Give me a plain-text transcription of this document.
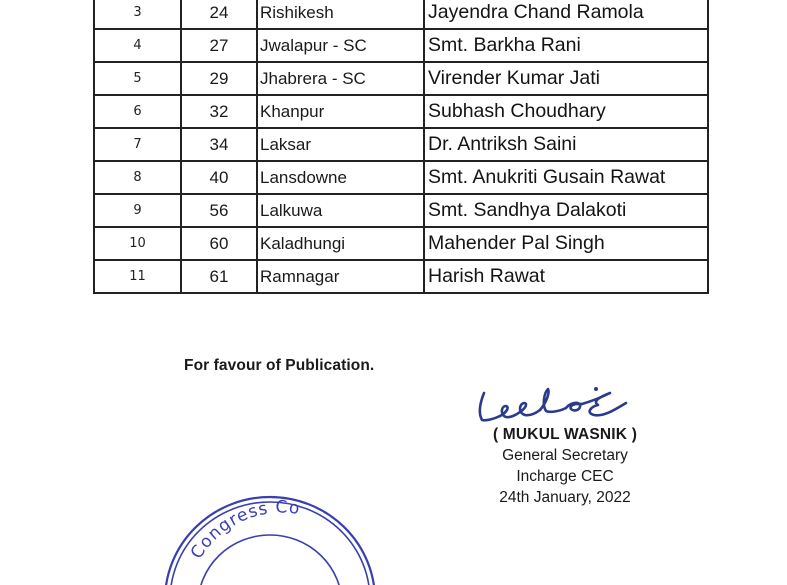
3	24	Rishikesh	Jayendra Chand Ramola
4	27	Jwalapur - SC	Smt. Barkha Rani
5	29	Jhabrera - SC	Virender Kumar Jati
6	32	Khanpur	Subhash Choudhary
7	34	Laksar	Dr. Antriksh Saini
8	40	Lansdowne	Smt. Anukriti Gusain Rawat
9	56	Lalkuwa	Smt. Sandhya Dalakoti
10	60	Kaladhungi	Mahender Pal Singh
11	61	Ramnagar	Harish Rawat
For favour of Publication.
( MUKUL WASNIK )
General Secretary
Incharge CEC
24th January, 2022
Congress Co
